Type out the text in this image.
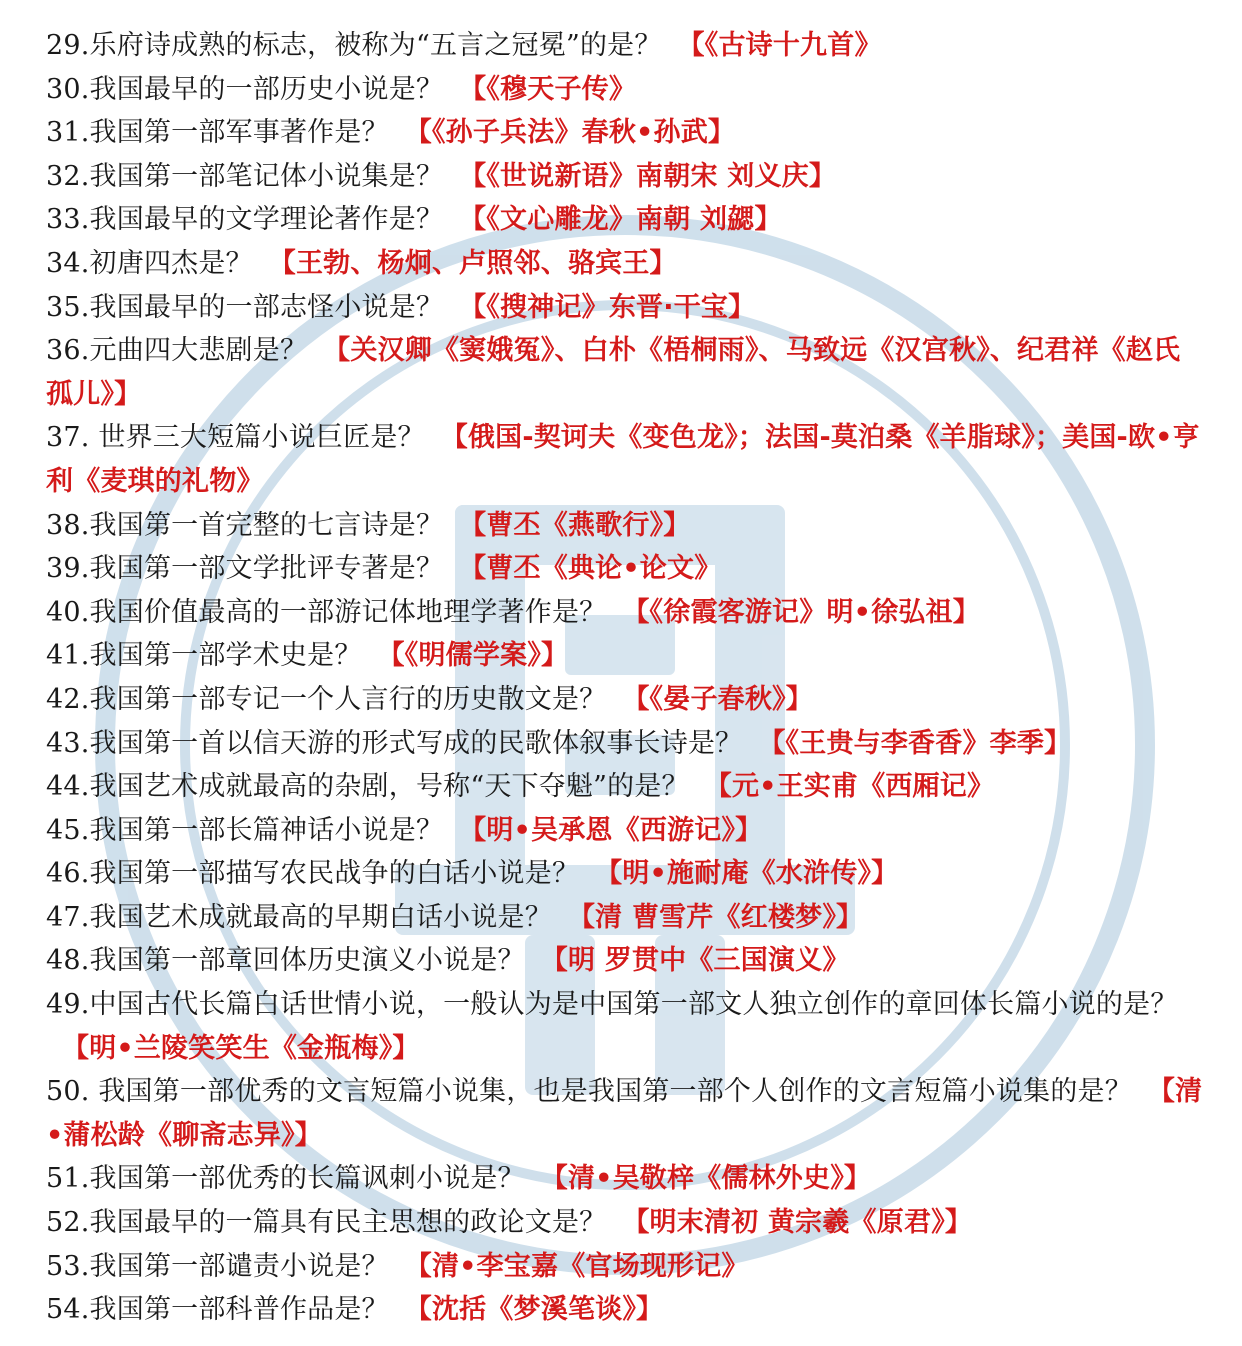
29.乐府诗成熟的标志，被称为“五言之冠冕”的是？ 【《古诗十九首》

30.我国最早的一部历史小说是？ 【《穆天子传》

31.我国第一部军事著作是？ 【《孙子兵法》春秋•孙武】

32.我国第一部笔记体小说集是？ 【《世说新语》南朝宋 刘义庆】

33.我国最早的文学理论著作是？ 【《文心雕龙》南朝 刘勰】

34.初唐四杰是？ 【王勃、杨炯、卢照邻、骆宾王】

35.我国最早的一部志怪小说是？ 【《搜神记》东晋·干宝】

36.元曲四大悲剧是？ 【关汉卿《窦娥冤》、白朴《梧桐雨》、马致远《汉宫秋》、纪君祥《赵氏孤儿》】

37. 世界三大短篇小说巨匠是？ 【俄国-契诃夫《变色龙》；法国-莫泊桑《羊脂球》；美国-欧•亨利《麦琪的礼物》

38.我国第一首完整的七言诗是？ 【曹丕《燕歌行》】

39.我国第一部文学批评专著是？ 【曹丕《典论•论文》

40.我国价值最高的一部游记体地理学著作是？ 【《徐霞客游记》明•徐弘祖】

41.我国第一部学术史是？ 【《明儒学案》】

42.我国第一部专记一个人言行的历史散文是？ 【《晏子春秋》】

43.我国第一首以信天游的形式写成的民歌体叙事长诗是？ 【《王贵与李香香》李季】

44.我国艺术成就最高的杂剧，号称“天下夺魁”的是？ 【元•王实甫《西厢记》

45.我国第一部长篇神话小说是？ 【明•吴承恩《西游记》】

46.我国第一部描写农民战争的白话小说是？ 【明•施耐庵《水浒传》】

47.我国艺术成就最高的早期白话小说是？ 【清 曹雪芹《红楼梦》】

48.我国第一部章回体历史演义小说是？ 【明 罗贯中《三国演义》

49.中国古代长篇白话世情小说，一般认为是中国第一部文人独立创作的章回体长篇小说的是？【明•兰陵笑笑生《金瓶梅》】

50. 我国第一部优秀的文言短篇小说集，也是我国第一部个人创作的文言短篇小说集的是？ 【清•蒲松龄《聊斋志异》】

51.我国第一部优秀的长篇讽刺小说是？ 【清•吴敬梓《儒林外史》】

52.我国最早的一篇具有民主思想的政论文是？ 【明末清初 黄宗羲《原君》】

53.我国第一部谴责小说是？ 【清•李宝嘉《官场现形记》

54.我国第一部科普作品是？ 【沈括《梦溪笔谈》】
